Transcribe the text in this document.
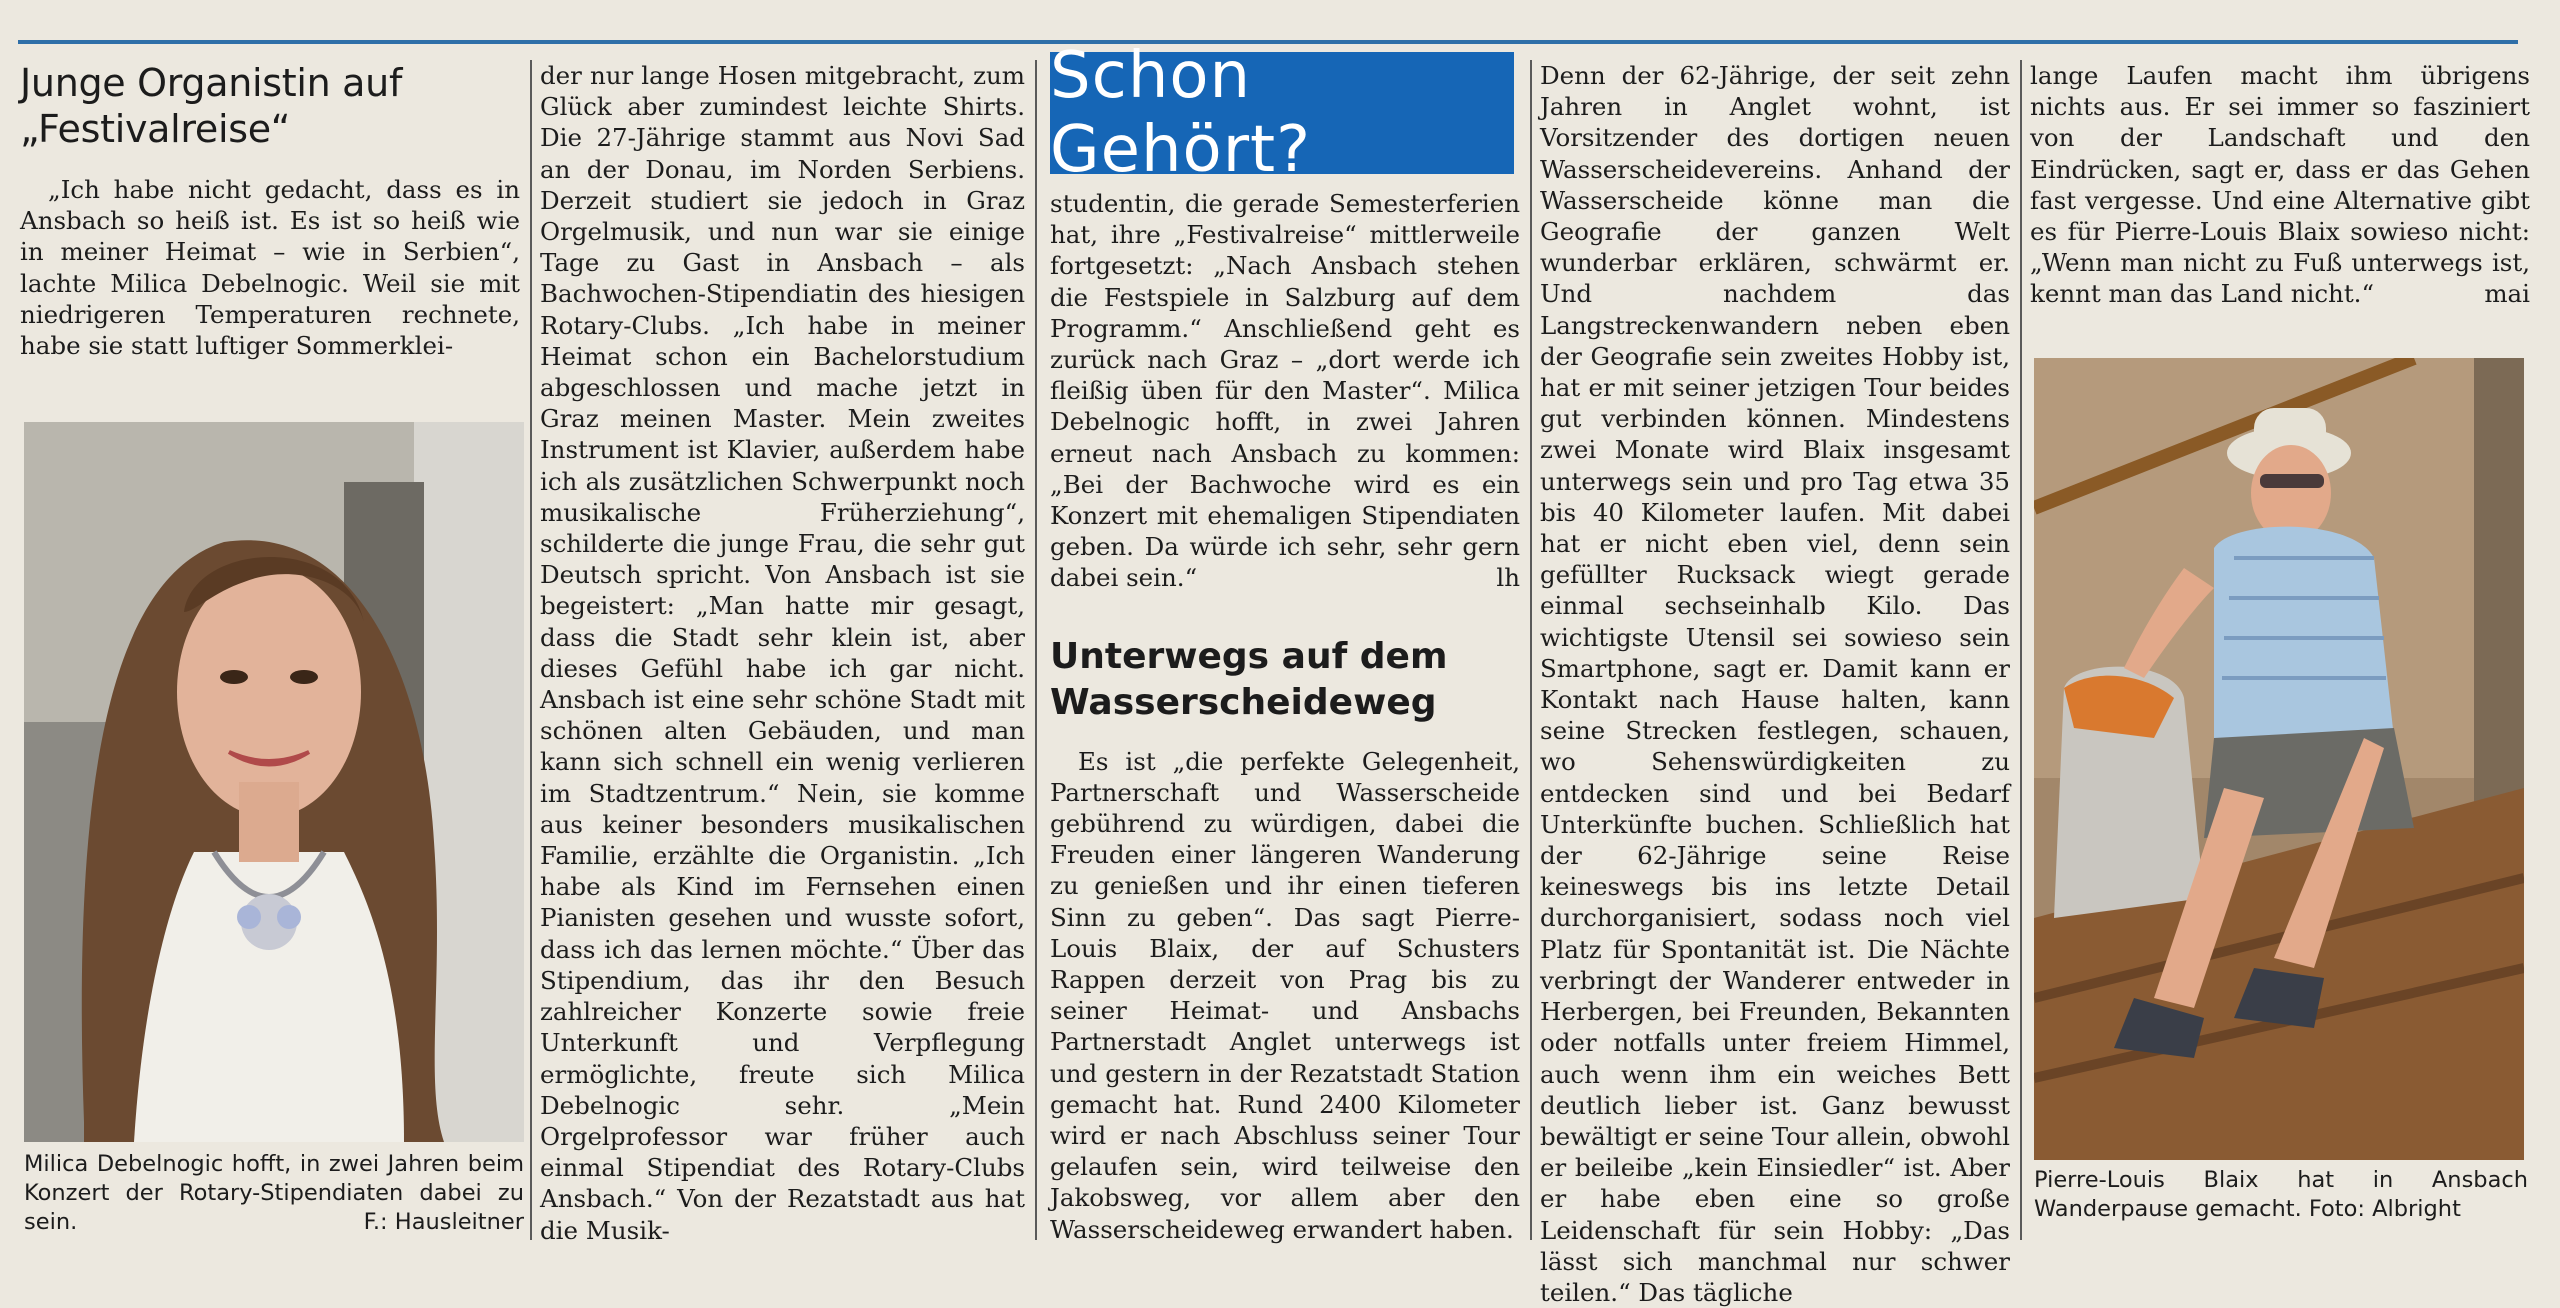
Junge Organistin auf „Festivalreise“

„Ich habe nicht gedacht, dass es in Ansbach so heiß ist. Es ist so heiß wie in meiner Heimat – wie in Serbien“, lachte Milica Debelnogic. Weil sie mit niedrigeren Temperaturen rechnete, habe sie statt luftiger Sommerklei-

Milica Debelnogic hofft, in zwei Jahren beim Konzert der Rotary-Stipendiaten dabei zu sein.	F.: Hausleitner

der nur lange Hosen mitgebracht, zum Glück aber zumindest leichte Shirts. Die 27-Jährige stammt aus Novi Sad an der Donau, im Norden Serbiens. Derzeit studiert sie jedoch in Graz Orgelmusik, und nun war sie einige Tage zu Gast in Ansbach – als Bachwochen-Stipendiatin des hiesigen Rotary-Clubs. „Ich habe in meiner Heimat schon ein Bachelorstudium abgeschlossen und mache jetzt in Graz meinen Master. Mein zweites Instrument ist Klavier, außerdem habe ich als zusätzlichen Schwerpunkt noch musikalische Früherziehung“, schilderte die junge Frau, die sehr gut Deutsch spricht. Von Ansbach ist sie begeistert: „Man hatte mir gesagt, dass die Stadt sehr klein ist, aber dieses Gefühl habe ich gar nicht. Ansbach ist eine sehr schöne Stadt mit schönen alten Gebäuden, und man kann sich schnell ein wenig verlieren im Stadtzentrum.“ Nein, sie komme aus keiner besonders musikalischen Familie, erzählte die Organistin. „Ich habe als Kind im Fernsehen einen Pianisten gesehen und wusste sofort, dass ich das lernen möchte.“ Über das Stipendium, das ihr den Besuch zahlreicher Konzerte sowie freie Unterkunft und Verpflegung ermöglichte, freute sich Milica Debelnogic sehr. „Mein Orgelprofessor war früher auch einmal Stipendiat des Rotary-Clubs Ansbach.“ Von der Rezatstadt aus hat die Musik-

Schon Gehört?

studentin, die gerade Semesterferien hat, ihre „Festivalreise“ mittlerweile fortgesetzt: „Nach Ansbach stehen die Festspiele in Salzburg auf dem Programm.“ Anschließend geht es zurück nach Graz – „dort werde ich fleißig üben für den Master“. Milica Debelnogic hofft, in zwei Jahren erneut nach Ansbach zu kommen: „Bei der Bachwoche wird es ein Konzert mit ehemaligen Stipendiaten geben. Da würde ich sehr, sehr gern dabei sein.“	lh

Unterwegs auf dem Wasserscheideweg

Es ist „die perfekte Gelegenheit, Partnerschaft und Wasserscheide gebührend zu würdigen, dabei die Freuden einer längeren Wanderung zu genießen und ihr einen tieferen Sinn zu geben“. Das sagt Pierre-Louis Blaix, der auf Schusters Rappen derzeit von Prag bis zu seiner Heimat- und Ansbachs Partnerstadt Anglet unterwegs ist und gestern in der Rezatstadt Station gemacht hat. Rund 2400 Kilometer wird er nach Abschluss seiner Tour gelaufen sein, wird teilweise den Jakobsweg, vor allem aber den Wasserscheideweg erwandert haben.

Denn der 62-Jährige, der seit zehn Jahren in Anglet wohnt, ist Vorsitzender des dortigen neuen Wasserscheidevereins. Anhand der Wasserscheide könne man die Geografie der ganzen Welt wunderbar erklären, schwärmt er. Und nachdem das Langstreckenwandern neben eben der Geografie sein zweites Hobby ist, hat er mit seiner jetzigen Tour beides gut verbinden können. Mindestens zwei Monate wird Blaix insgesamt unterwegs sein und pro Tag etwa 35 bis 40 Kilometer laufen. Mit dabei hat er nicht eben viel, denn sein gefüllter Rucksack wiegt gerade einmal sechseinhalb Kilo. Das wichtigste Utensil sei sowieso sein Smartphone, sagt er. Damit kann er Kontakt nach Hause halten, kann seine Strecken festlegen, schauen, wo Sehenswürdigkeiten zu entdecken sind und bei Bedarf Unterkünfte buchen. Schließlich hat der 62-Jährige seine Reise keineswegs bis ins letzte Detail durchorganisiert, sodass noch viel Platz für Spontanität ist. Die Nächte verbringt der Wanderer entweder in Herbergen, bei Freunden, Bekannten oder notfalls unter freiem Himmel, auch wenn ihm ein weiches Bett deutlich lieber ist. Ganz bewusst bewältigt er seine Tour allein, obwohl er beileibe „kein Einsiedler“ ist. Aber er habe eben eine so große Leidenschaft für sein Hobby: „Das lässt sich manchmal nur schwer teilen.“ Das tägliche

lange Laufen macht ihm übrigens nichts aus. Er sei immer so fasziniert von der Landschaft und den Eindrücken, sagt er, dass er das Gehen fast vergesse. Und eine Alternative gibt es für Pierre-Louis Blaix sowieso nicht: „Wenn man nicht zu Fuß unterwegs ist, kennt man das Land nicht.“	mai

Pierre-Louis Blaix hat in Ansbach Wanderpause gemacht. Foto: Albright
